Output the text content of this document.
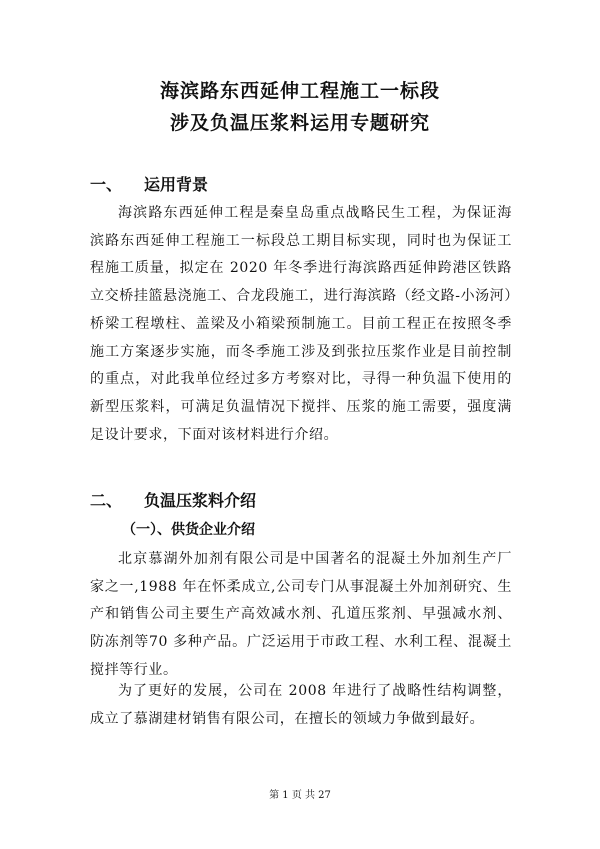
海滨路东西延伸工程施工一标段
涉及负温压浆料运用专题研究
一、 运用背景
海滨路东西延伸工程是秦皇岛重点战略民生工程，为保证海滨路东西延伸工程施工一标段总工期目标实现，同时也为保证工程施工质量，拟定在 2020 年冬季进行海滨路西延伸跨港区铁路立交桥挂篮悬浇施工、合龙段施工，进行海滨路（经文路-小汤河）桥梁工程墩柱、盖梁及小箱梁预制施工。目前工程正在按照冬季施工方案逐步实施，而冬季施工涉及到张拉压浆作业是目前控制的重点，对此我单位经过多方考察对比，寻得一种负温下使用的新型压浆料，可满足负温情况下搅拌、压浆的施工需要，强度满足设计要求，下面对该材料进行介绍。
二、 负温压浆料介绍
（一）、供货企业介绍
北京慕湖外加剂有限公司是中国著名的混凝土外加剂生产厂家之一,1988 年在怀柔成立,公司专门从事混凝土外加剂研究、生产和销售公司主要生产高效减水剂、孔道压浆剂、早强减水剂、防冻剂等70 多种产品。广泛运用于市政工程、水利工程、混凝土搅拌等行业。
为了更好的发展，公司在 2008 年进行了战略性结构调整，成立了慕湖建材销售有限公司，在擅长的领域力争做到最好。
第 1 页 共 27
